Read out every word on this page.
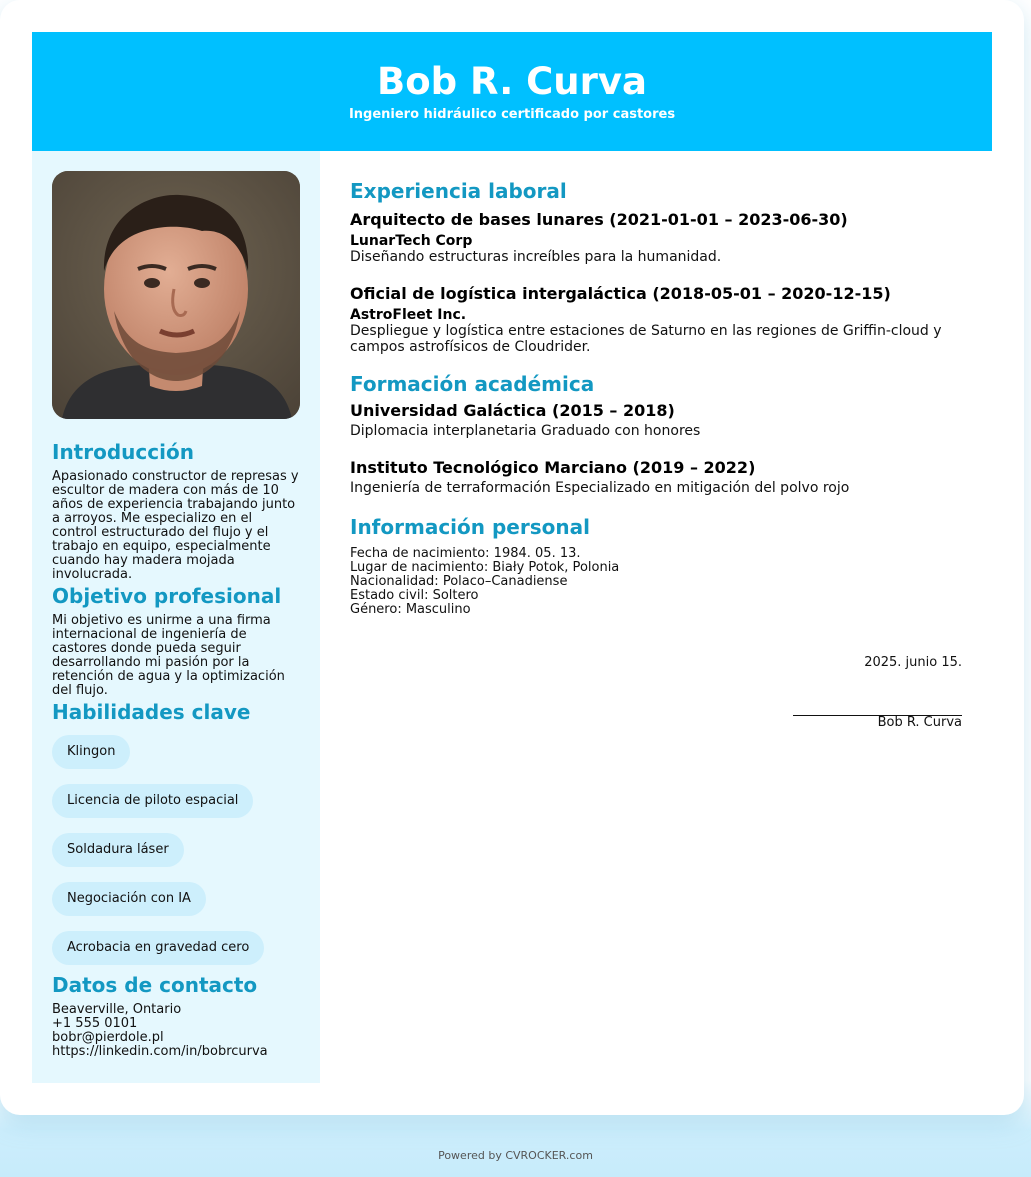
Bob R. Curva
Ingeniero hidráulico certificado por castores
Introducción
Apasionado constructor de represas y escultor de madera con más de 10 años de experiencia trabajando junto a arroyos. Me especializo en el control estructurado del flujo y el trabajo en equipo, especialmente cuando hay madera mojada involucrada.
Objetivo profesional
Mi objetivo es unirme a una firma internacional de ingeniería de castores donde pueda seguir desarrollando mi pasión por la retención de agua y la optimización del flujo.
Habilidades clave
Klingon
Licencia de piloto espacial
Soldadura láser
Negociación con IA
Acrobacia en gravedad cero
Datos de contacto
Beaverville, Ontario
+1 555 0101
bobr@pierdole.pl
https://linkedin.com/in/bobrcurva
Experiencia laboral
Arquitecto de bases lunares (2021-01-01 – 2023-06-30)
LunarTech Corp
Diseñando estructuras increíbles para la humanidad.
Oficial de logística intergaláctica (2018-05-01 – 2020-12-15)
AstroFleet Inc.
Despliegue y logística entre estaciones de Saturno en las regiones de Griffin-cloud y campos astrofísicos de Cloudrider.
Formación académica
Universidad Galáctica (2015 – 2018)
Diplomacia interplanetaria Graduado con honores
Instituto Tecnológico Marciano (2019 – 2022)
Ingeniería de terraformación Especializado en mitigación del polvo rojo
Información personal
Fecha de nacimiento: 1984. 05. 13.
Lugar de nacimiento: Biały Potok, Polonia
Nacionalidad: Polaco–Canadiense
Estado civil: Soltero
Género: Masculino
2025. junio 15.
Bob R. Curva
Powered by CVROCKER.com
